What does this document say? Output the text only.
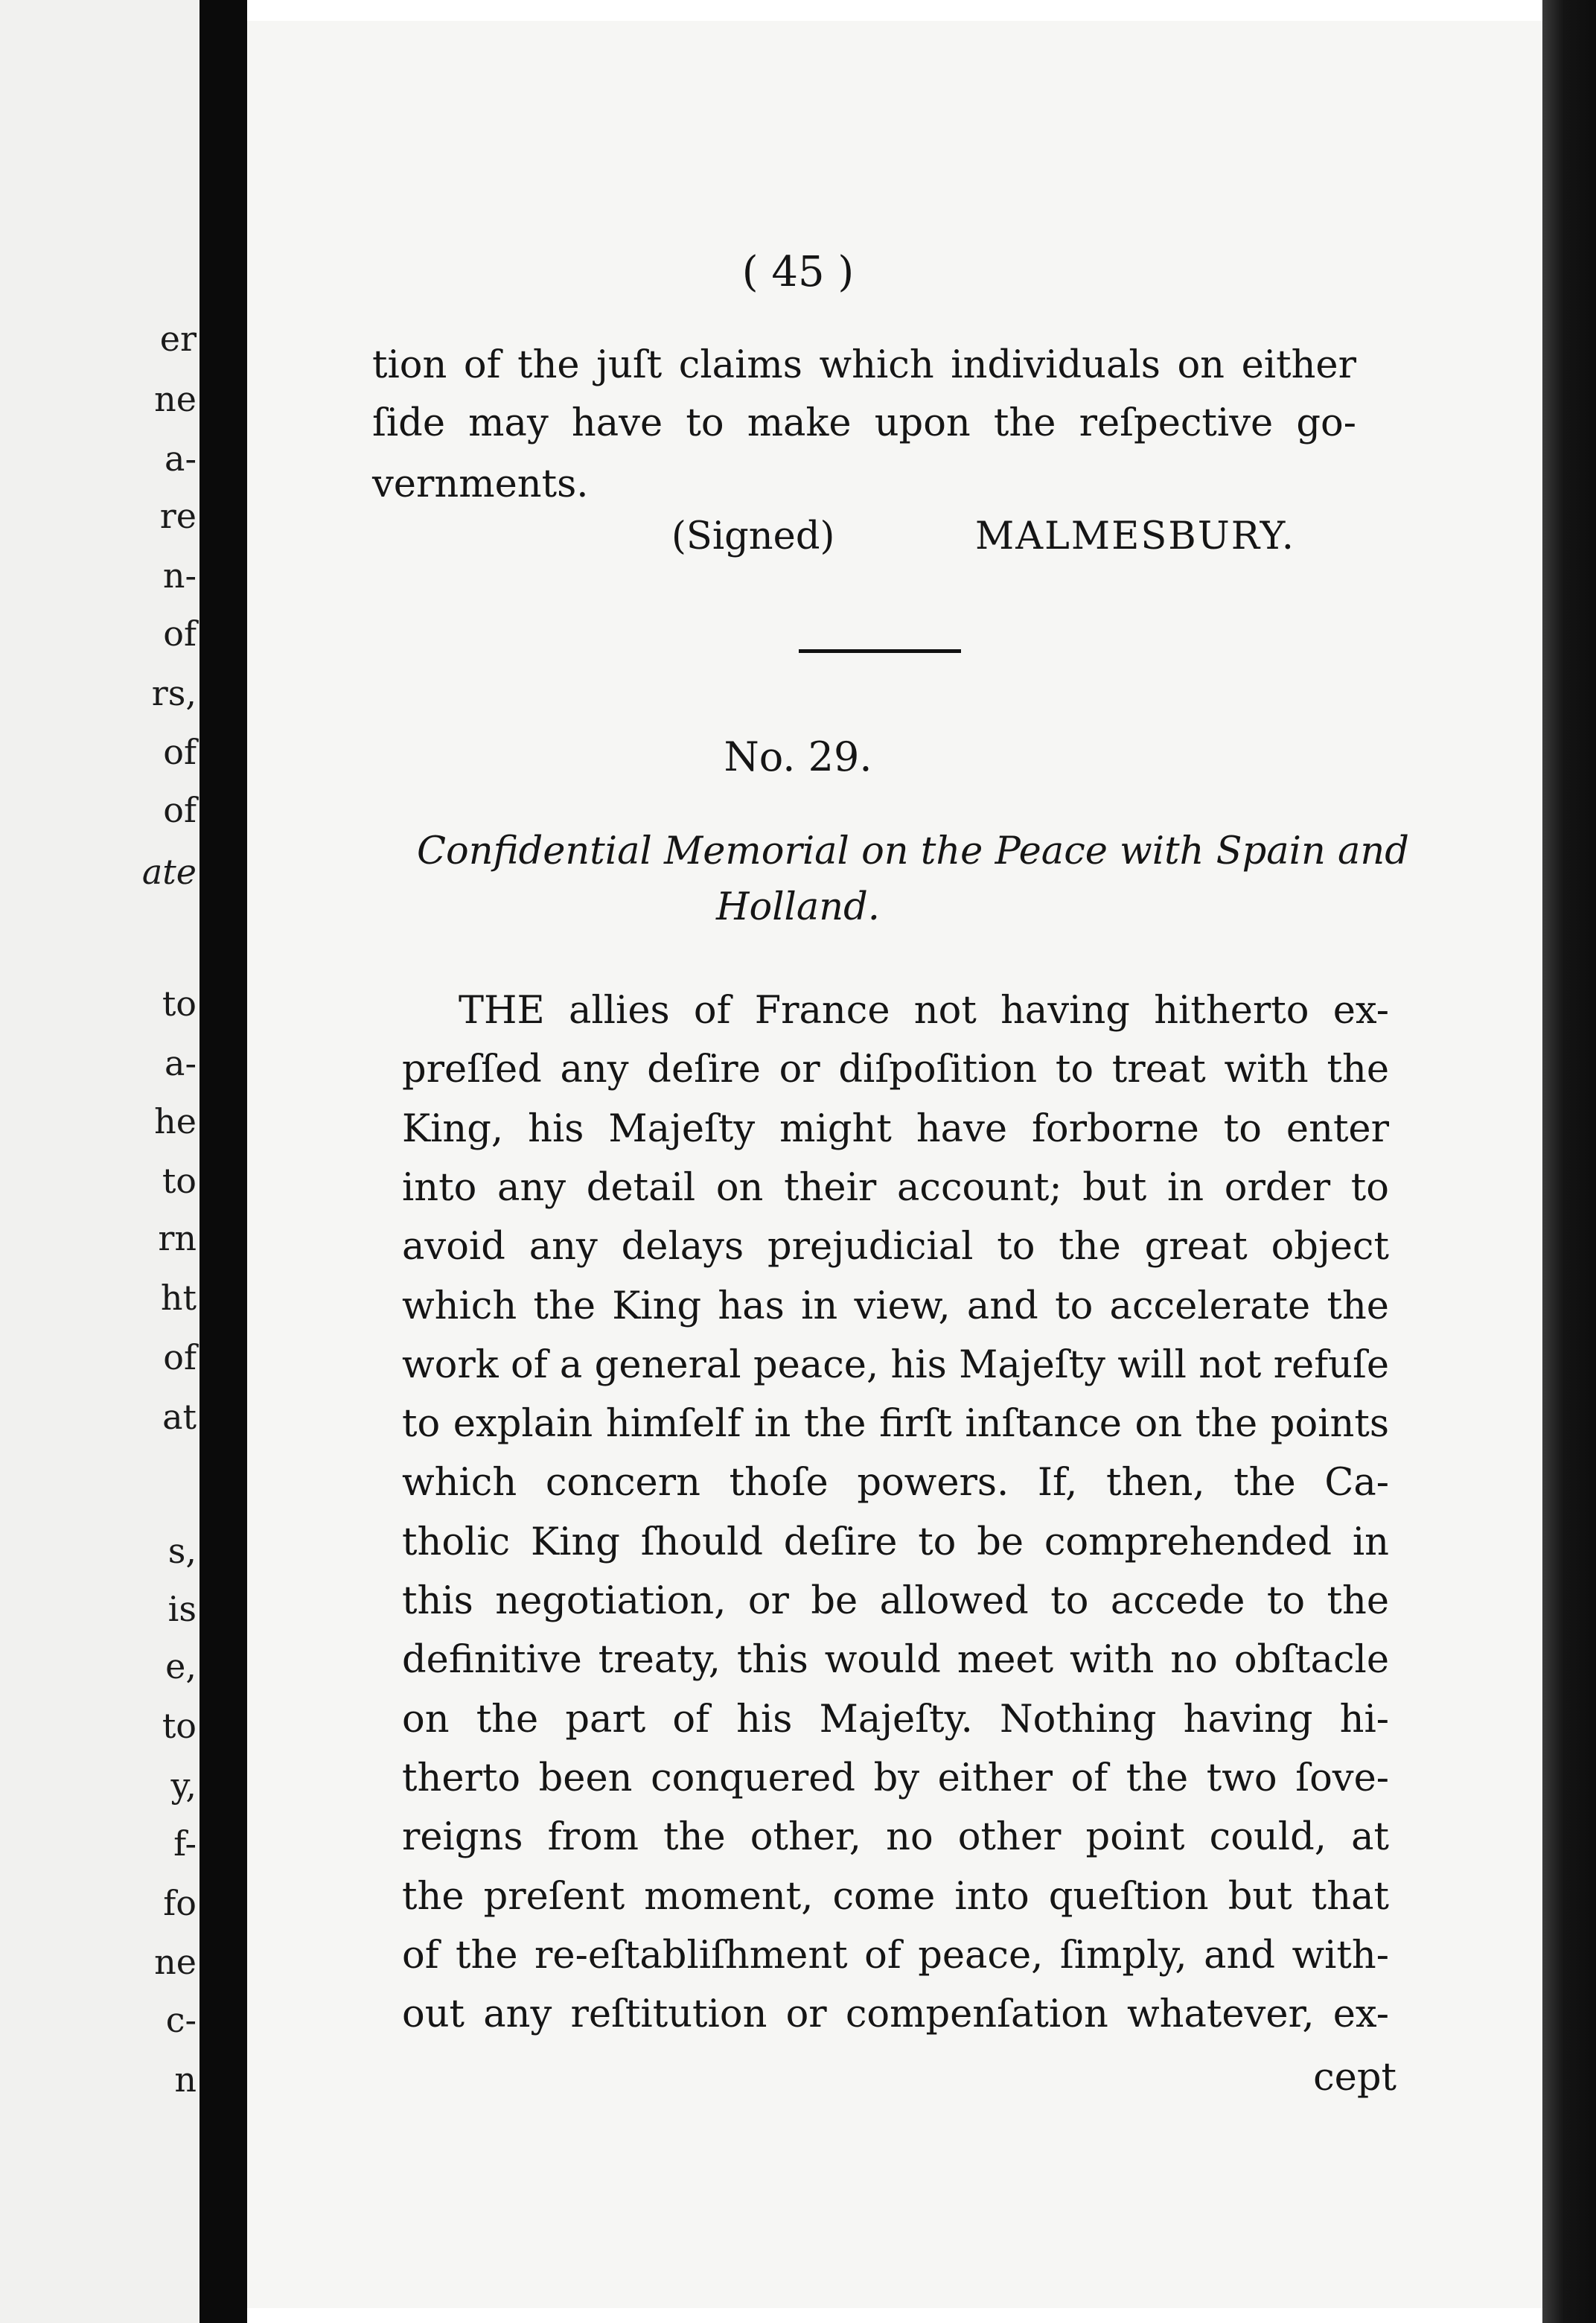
er
ne
a-
re
n-
of
rs,
of
of
ate
to
a-
he
to
rn
ht
of
at
s,
is
e,
to
y,
f-
fo
ne
c-
n
( 45 )
tion of the juſt claims which individuals on either
ſide may have to make upon the reſpective go-
vernments.
(Signed)	MALMESBURY.
No. 29.
Confidential Memorial on the Peace with Spain and
Holland.
THE allies of France not having hitherto ex-
preſſed any deſire or diſpoſition to treat with the
King, his Majeſty might have forborne to enter
into any detail on their account; but in order to
avoid any delays prejudicial to the great object
which the King has in view, and to accelerate the
work of a general peace, his Majeſty will not refuſe
to explain himſelf in the firſt inſtance on the points
which concern thoſe powers. If, then, the Ca-
tholic King ſhould deſire to be comprehended in
this negotiation, or be allowed to accede to the
definitive treaty, this would meet with no obſtacle
on the part of his Majeſty. Nothing having hi-
therto been conquered by either of the two ſove-
reigns from the other, no other point could, at
the preſent moment, come into queſtion but that
of the re-eſtabliſhment of peace, ſimply, and with-
out any reſtitution or compenſation whatever, ex-
cept
